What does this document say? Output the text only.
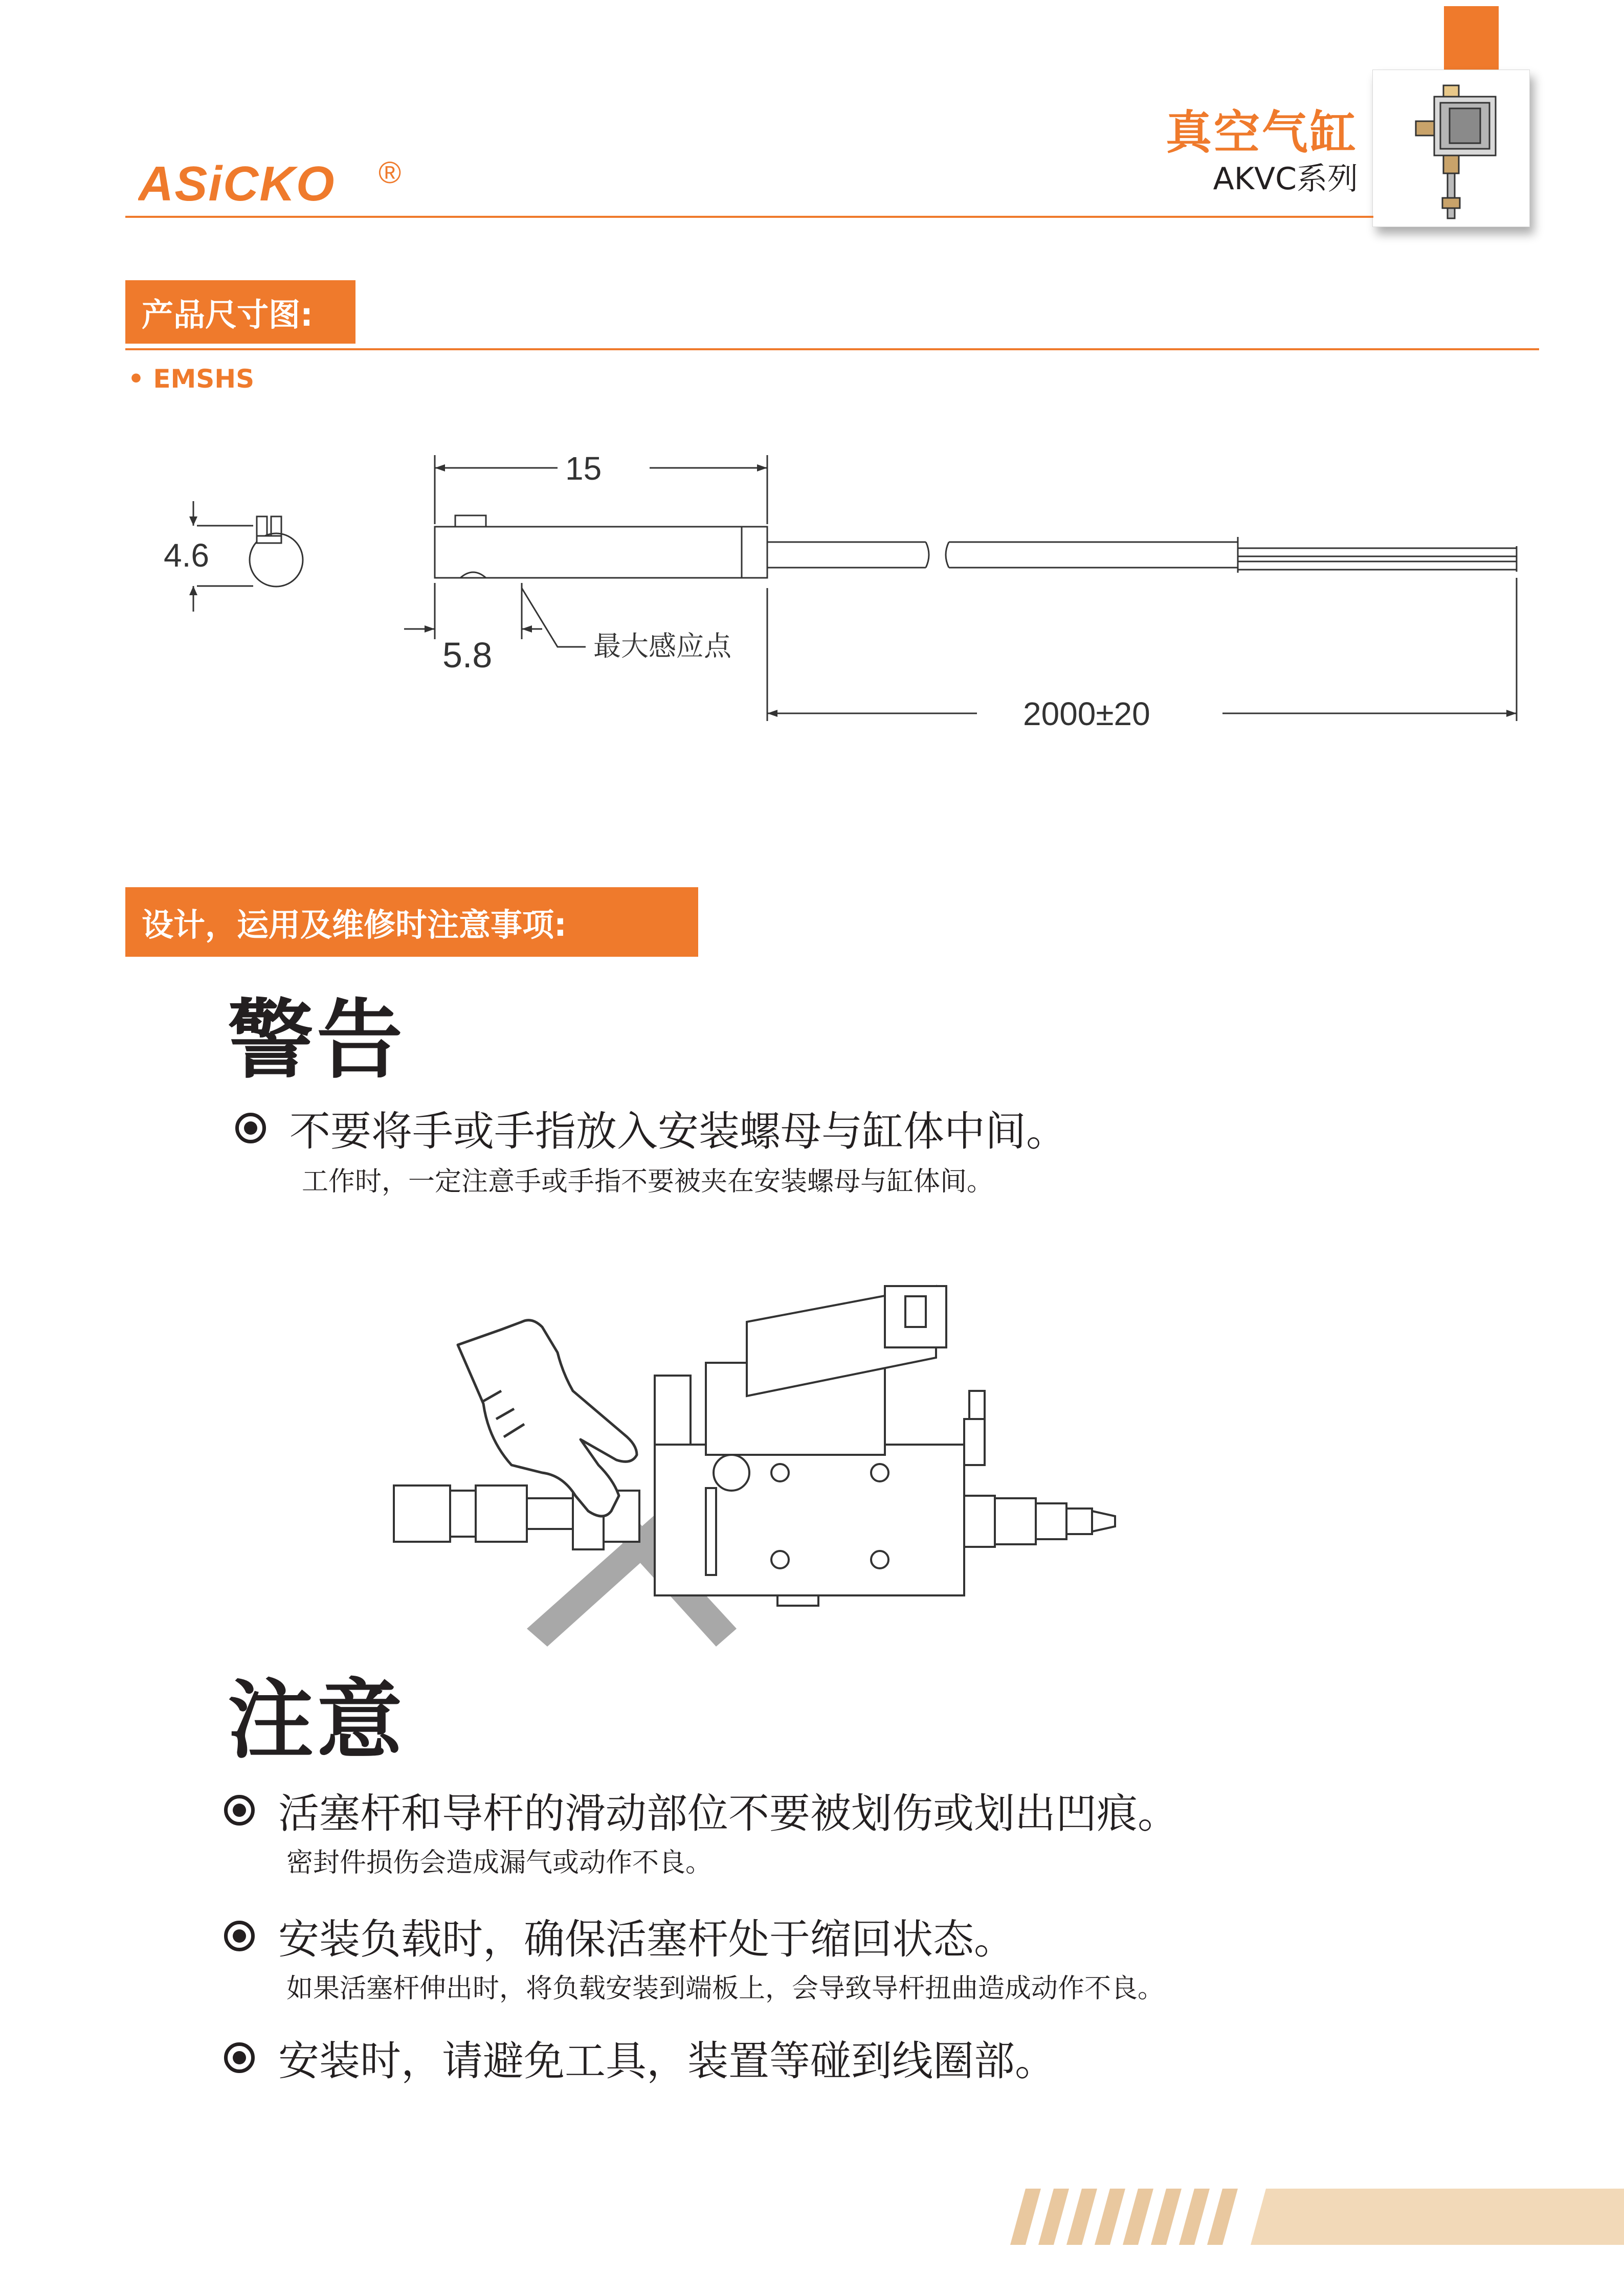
ASiCKO ®
真空气缸
AKVC系列
产品尺寸图:
• EMSHS
4.6
15
5.8	最大感应点
2000±20
设计，运用及维修时注意事项:
警告
不要将手或手指放入安装螺母与缸体中间。
工作时，一定注意手或手指不要被夹在安装螺母与缸体间。
注意
活塞杆和导杆的滑动部位不要被划伤或划出凹痕。
密封件损伤会造成漏气或动作不良。
安装负载时，确保活塞杆处于缩回状态。
如果活塞杆伸出时，将负载安装到端板上，会导致导杆扭曲造成动作不良。
安装时，请避免工具，装置等碰到线圈部。
